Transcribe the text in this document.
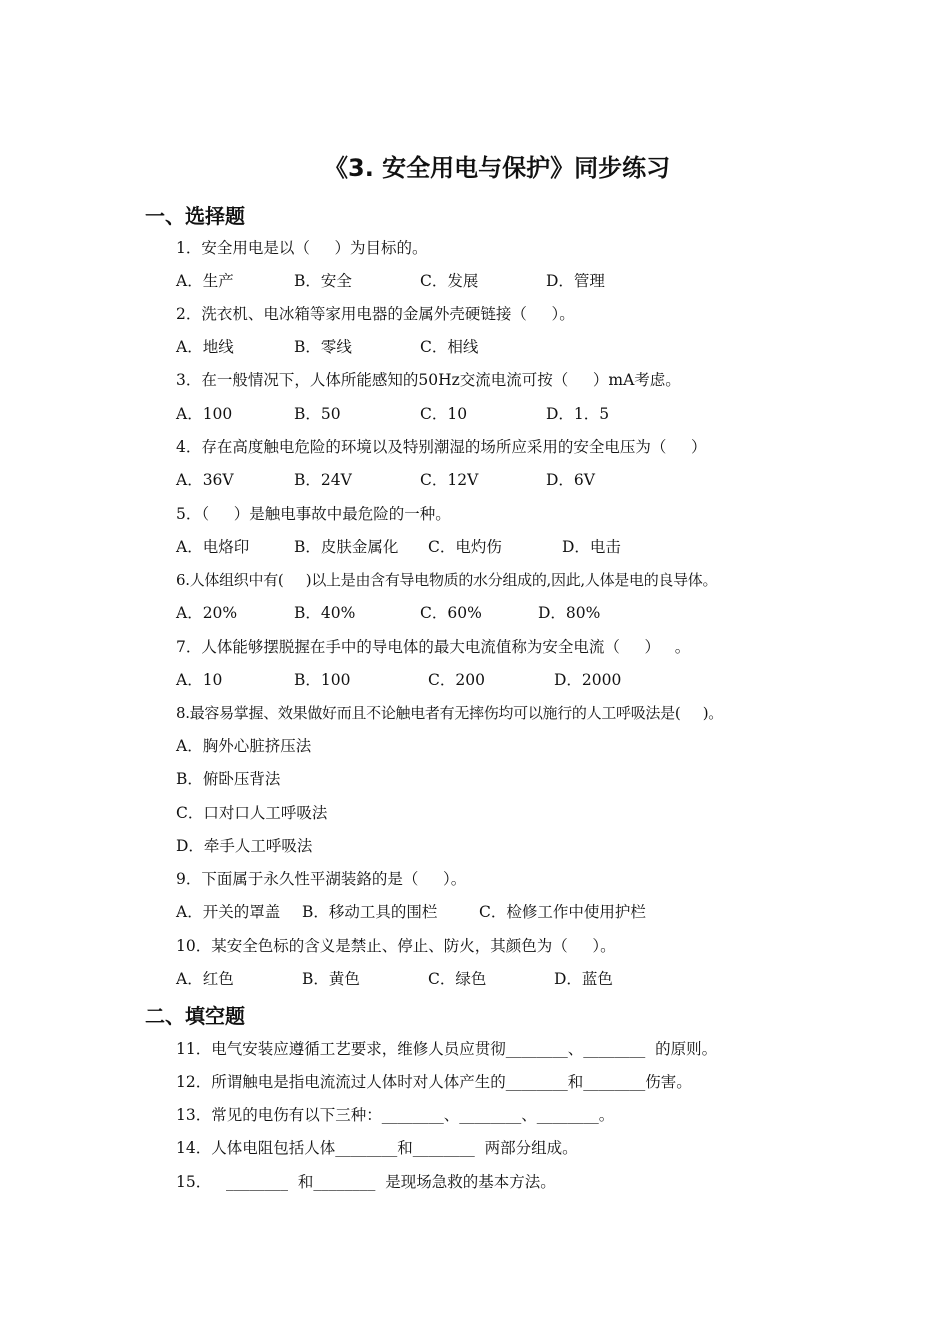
《3. 安全用电与保护》同步练习
一、选择题
1．安全用电是以（     ）为目标的。
A．生产	B．安全	C．发展	D．管理
2．洗衣机、电冰箱等家用电器的金属外壳硬链接（     ）。
A．地线	B．零线	C．相线
3．在一般情况下，人体所能感知的50Hz交流电流可按（     ）mA考虑。
A．100	B．50	C．10	D．1．5
4．存在高度触电危险的环境以及特别潮湿的场所应采用的安全电压为（     ）
A．36V	B．24V	C．12V	D．6V
5．（     ）是触电事故中最危险的一种。
A．电烙印	B．皮肤金属化 C．电灼伤	D．电击
6.人体组织中有(     )以上是由含有导电物质的水分组成的,因此,人体是电的良导体。
A．20%	B．40%	C．60%	D．80%
7．人体能够摆脱握在手中的导电体的最大电流值称为安全电流（     ）   。
A．10	B．100	C．200	D．2000
8.最容易掌握、效果做好而且不论触电者有无摔伤均可以施行的人工呼吸法是(     )。
A．胸外心脏挤压法
B．俯卧压背法
C．口对口人工呼吸法
D．牵手人工呼吸法
9．下面属于永久性平湖装鉻的是（     ）。
A．开关的罩盖 B．移动工具的围栏	C．检修工作中使用护栏
10．某安全色标的含义是禁止、停止、防火，其颜色为（     ）。
A．红色	B．黄色	C．绿色	D．蓝色
二、填空题
11．电气安装应遵循工艺要求，维修人员应贯彻________、________  的原则。
12．所谓触电是指电流流过人体时对人体产生的________和________伤害。
13．常见的电伤有以下三种：________、________、________。
14．人体电阻包括人体________和________  两部分组成。
15．   ________  和________  是现场急救的基本方法。
